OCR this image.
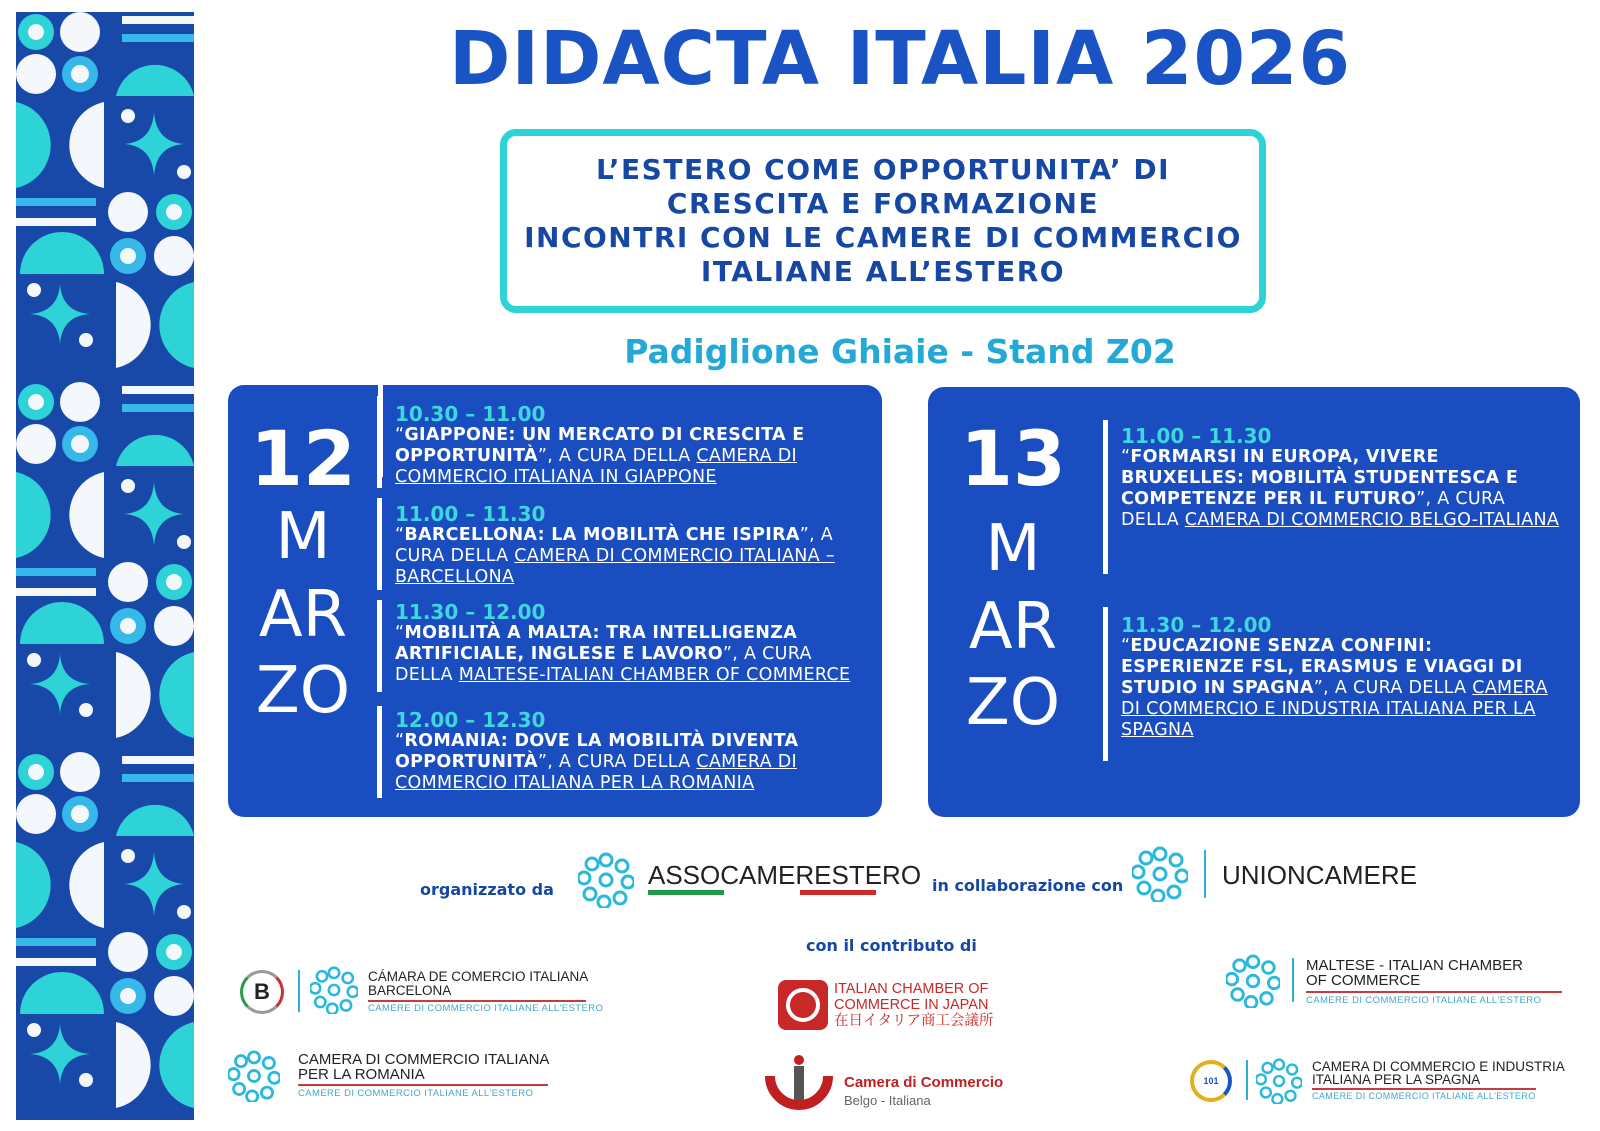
DIDACTA ITALIA 2026
L’ESTERO COME OPPORTUNITA’ DI
CRESCITA E FORMAZIONE
INCONTRI CON LE CAMERE DI COMMERCIO
ITALIANE ALL’ESTERO
Padiglione Ghiaie - Stand Z02
12
M
AR
ZO
10.30 – 11.00
“GIAPPONE: UN MERCATO DI CRESCITA E OPPORTUNITÀ”, A CURA DELLA CAMERA DI COMMERCIO ITALIANA IN GIAPPONE
11.00 – 11.30
“BARCELLONA: LA MOBILITÀ CHE ISPIRA”, A CURA DELLA CAMERA DI COMMERCIO ITALIANA – BARCELLONA
11.30 – 12.00
“MOBILITÀ A MALTA: TRA INTELLIGENZA ARTIFICIALE, INGLESE E LAVORO”, A CURA DELLA MALTESE-ITALIAN CHAMBER OF COMMERCE
12.00 – 12.30
“ROMANIA: DOVE LA MOBILITÀ DIVENTA OPPORTUNITÀ”, A CURA DELLA CAMERA DI COMMERCIO ITALIANA PER LA ROMANIA
13
M
AR
ZO
11.00 – 11.30
“FORMARSI IN EUROPA, VIVERE BRUXELLES: MOBILITÀ STUDENTESCA E COMPETENZE PER IL FUTURO”, A CURA DELLA CAMERA DI COMMERCIO BELGO-ITALIANA
11.30 – 12.00
“EDUCAZIONE SENZA CONFINI: ESPERIENZE FSL, ERASMUS E VIAGGI DI STUDIO IN SPAGNA”, A CURA DELLA CAMERA DI COMMERCIO E INDUSTRIA ITALIANA PER LA SPAGNA
organizzato da	ASSOCAMERESTERO in collaborazione con	UNIONCAMERE
con il contributo di
B
CÁMARA DE COMERCIO ITALIANA
BARCELONA
CAMERE DI COMMERCIO ITALIANE ALL'ESTERO
ITALIAN CHAMBER OF
COMMERCE IN JAPAN
在日イタリア商工会議所
MALTESE - ITALIAN CHAMBER
OF COMMERCE
CAMERE DI COMMERCIO ITALIANE ALL'ESTERO
CAMERA DI COMMERCIO ITALIANA
PER LA ROMANIA
CAMERE DI COMMERCIO ITALIANE ALL'ESTERO
Camera di Commercio
Belgo - Italiana
101
CAMERA DI COMMERCIO E INDUSTRIA
ITALIANA PER LA SPAGNA
CAMERE DI COMMERCIO ITALIANE ALL'ESTERO
